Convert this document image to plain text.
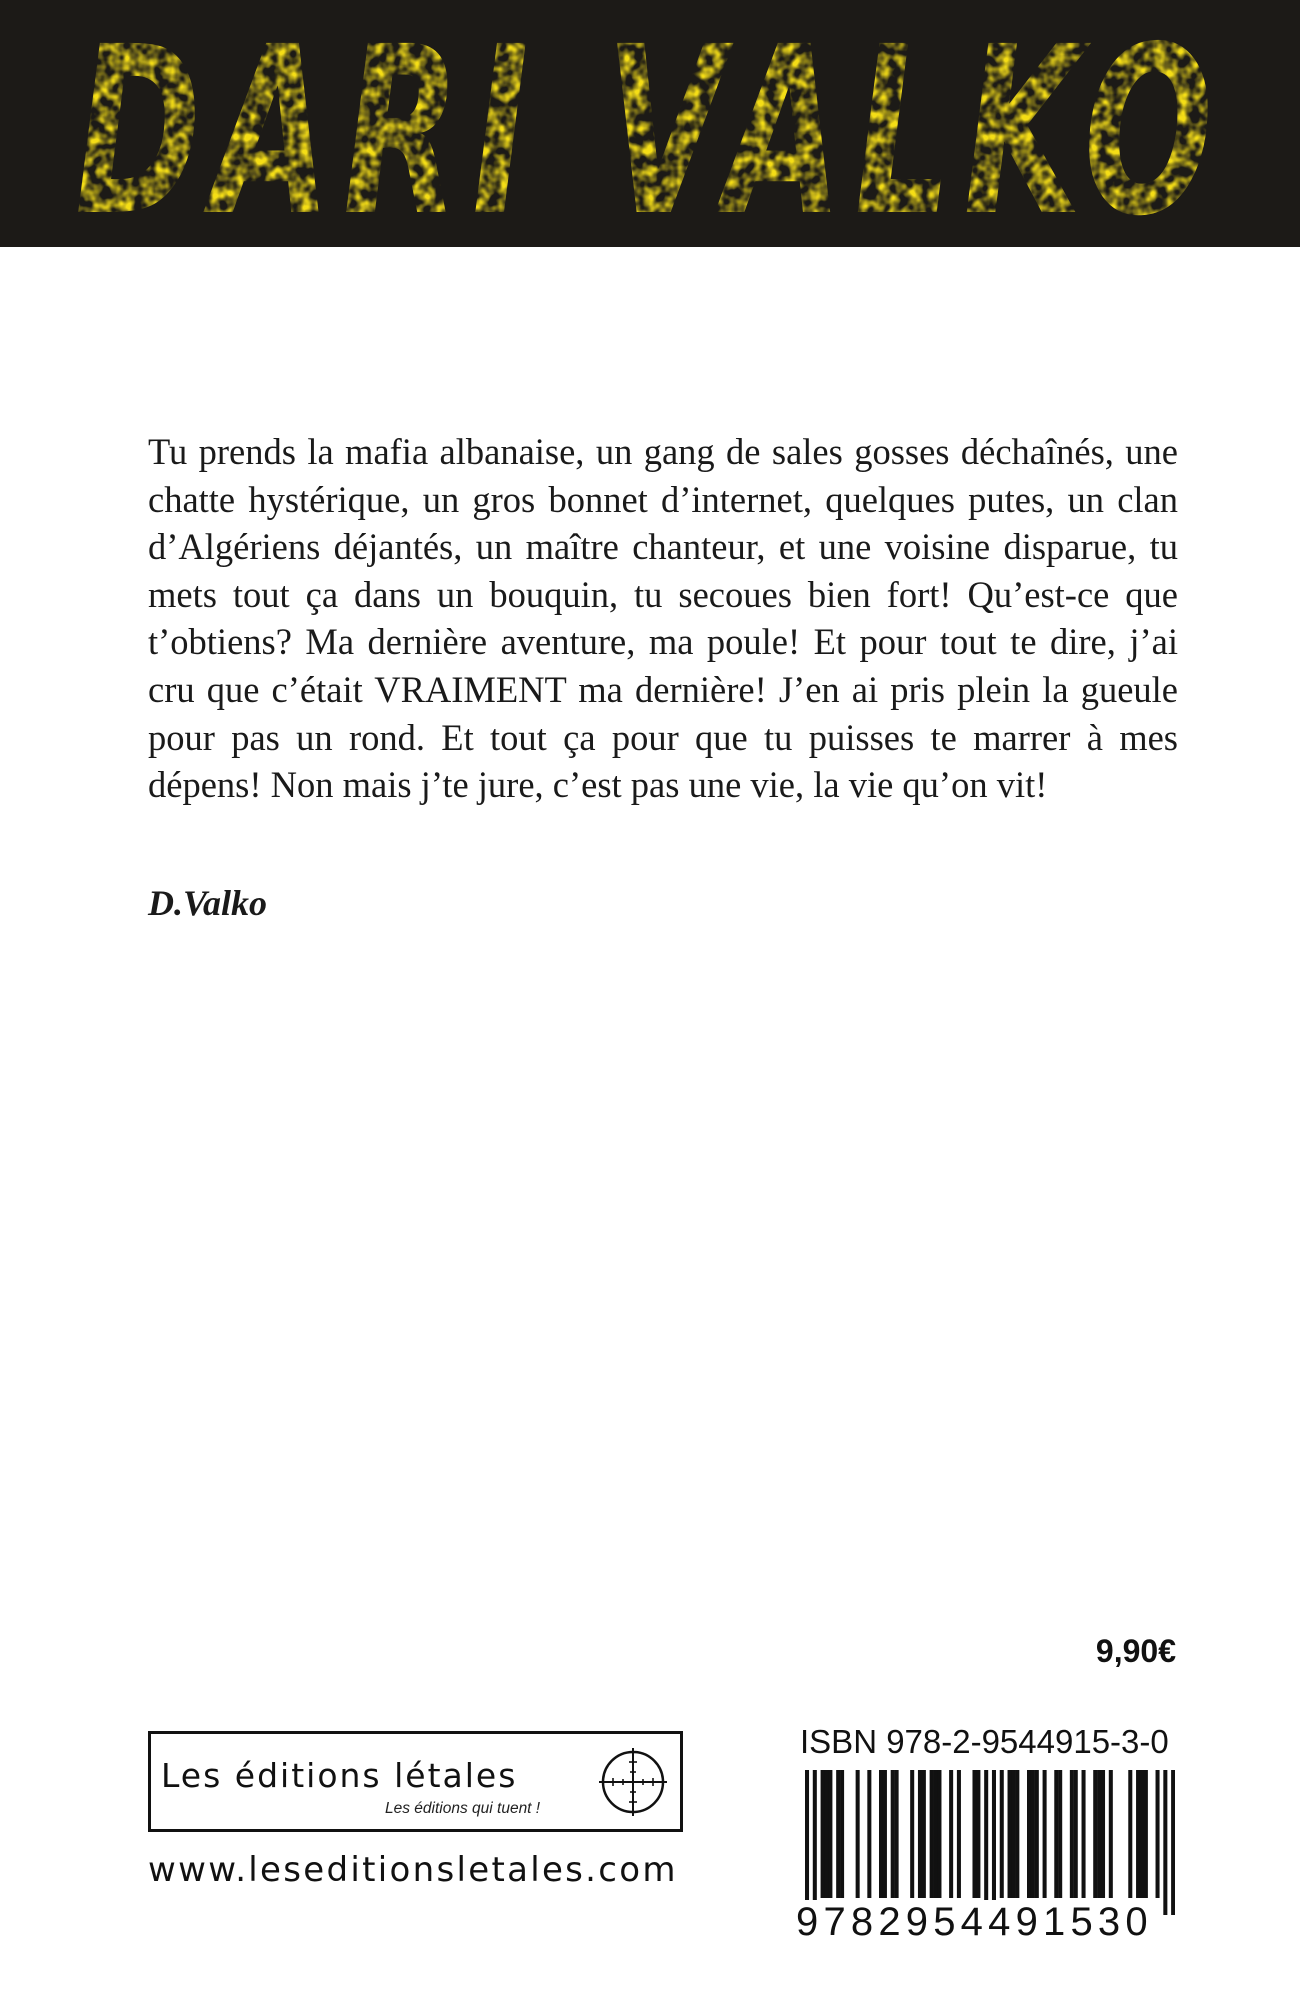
DARI VALKO

Tu prends la mafia albanaise, un gang de sales gosses déchaînés, une chatte hystérique, un gros bonnet d’internet, quelques putes, un clan d’Algériens déjantés, un maître chanteur, et une voisine disparue, tu mets tout ça dans un bouquin, tu secoues bien fort! Qu’est-ce que t’obtiens? Ma dernière aventure, ma poule! Et pour tout te dire, j’ai cru que c’était VRAIMENT ma dernière! J’en ai pris plein la gueule pour pas un rond. Et tout ça pour que tu puisses te marrer à mes dépens! Non mais j’te jure, c’est pas une vie, la vie qu’on vit!

D.Valko

9,90€
Les éditions létales
Les éditions qui tuent !
www.leseditionsletales.com
ISBN 978-2-9544915-3-0
9782954491530
